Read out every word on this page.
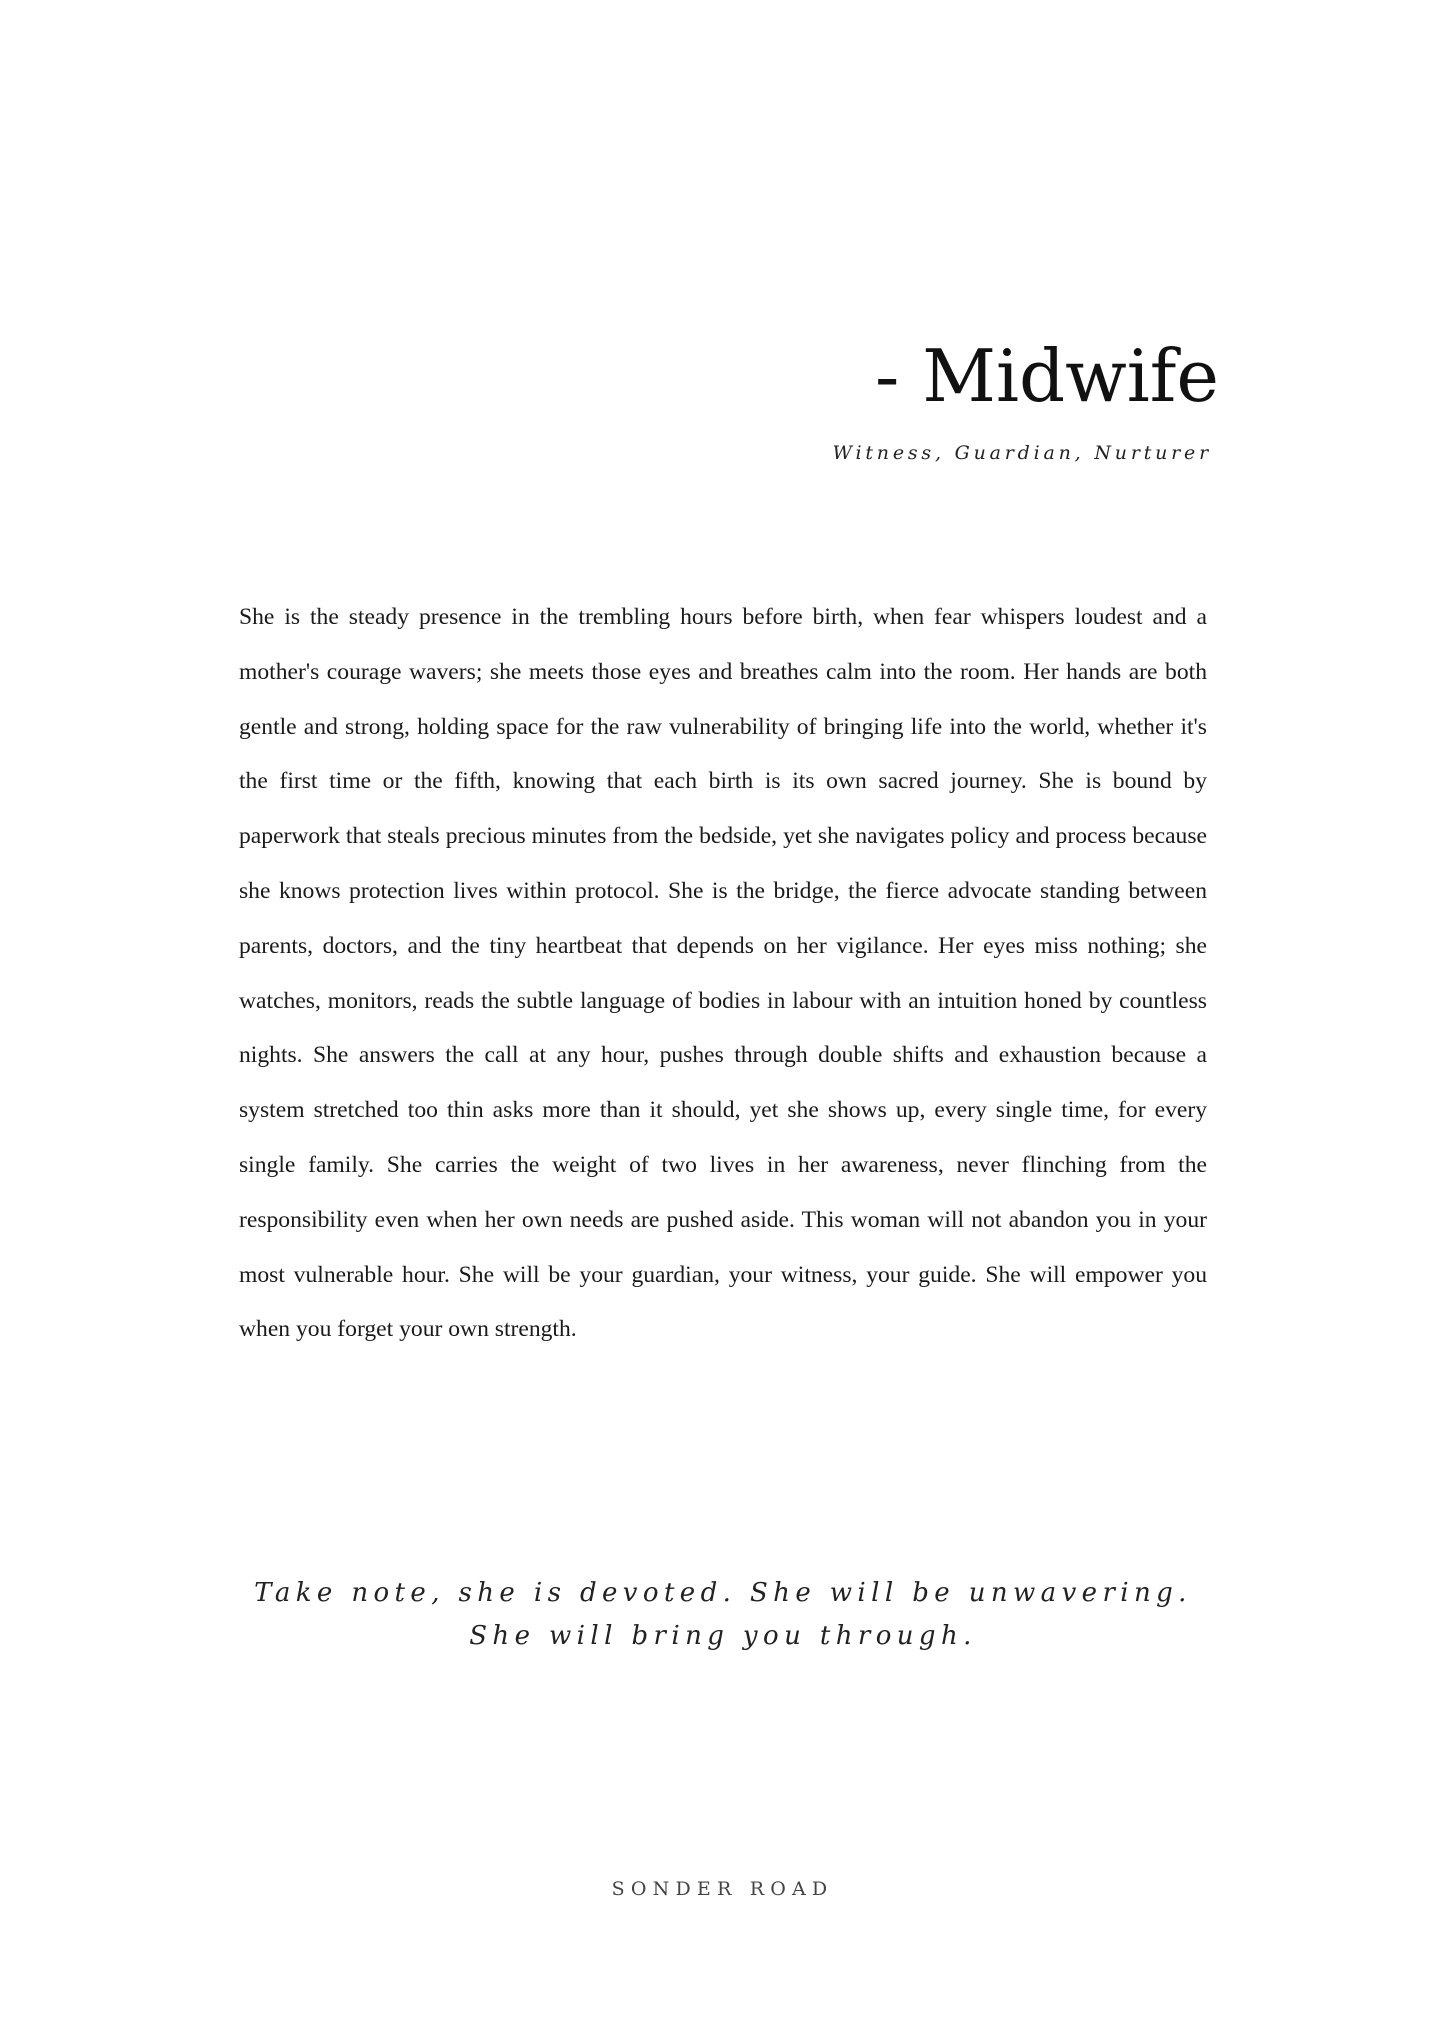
- Midwife

Witness, Guardian, Nurturer

She is the steady presence in the trembling hours before birth, when fear whispers loudest and a mother's courage wavers; she meets those eyes and breathes calm into the room. Her hands are both gentle and strong, holding space for the raw vulnerability of bringing life into the world, whether it's the first time or the fifth, knowing that each birth is its own sacred journey. She is bound by paperwork that steals precious minutes from the bedside, yet she navigates policy and process because she knows protection lives within protocol. She is the bridge, the fierce advocate standing between parents, doctors, and the tiny heartbeat that depends on her vigilance. Her eyes miss nothing; she watches, monitors, reads the subtle language of bodies in labour with an intuition honed by countless nights. She answers the call at any hour, pushes through double shifts and exhaustion because a system stretched too thin asks more than it should, yet she shows up, every single time, for every single family. She carries the weight of two lives in her awareness, never flinching from the responsibility even when her own needs are pushed aside. This woman will not abandon you in your most vulnerable hour. She will be your guardian, your witness, your guide. She will empower you when you forget your own strength.

Take note, she is devoted. She will be unwavering. She will bring you through.

SONDER ROAD
